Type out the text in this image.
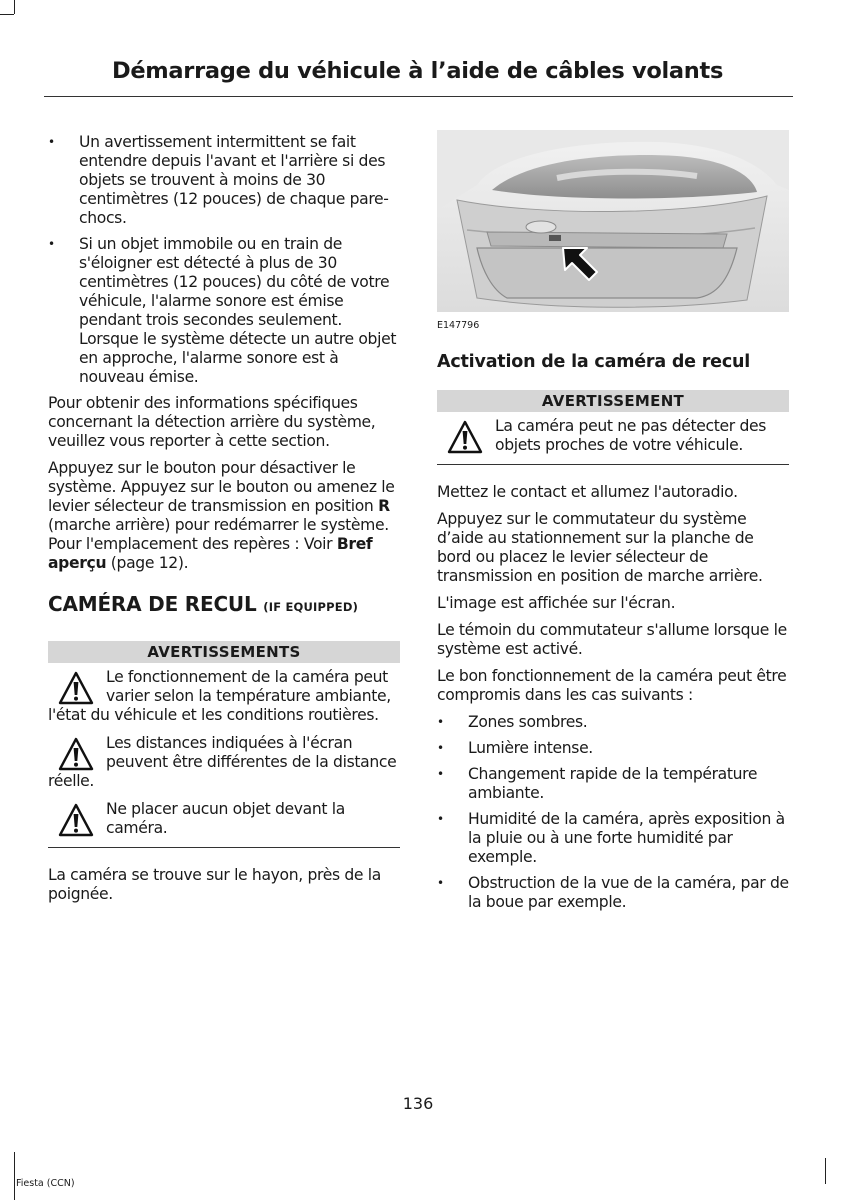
Démarrage du véhicule à l’aide de câbles volants
• Un avertissement intermittent se fait entendre depuis l'avant et l'arrière si des objets se trouvent à moins de 30 centimètres (12 pouces) de chaque pare-chocs.
• Si un objet immobile ou en train de s'éloigner est détecté à plus de 30 centimètres (12 pouces) du côté de votre véhicule, l'alarme sonore est émise pendant trois secondes seulement. Lorsque le système détecte un autre objet en approche, l'alarme sonore est à nouveau émise.

Pour obtenir des informations spécifiques concernant la détection arrière du système, veuillez vous reporter à cette section.

Appuyez sur le bouton pour désactiver le système. Appuyez sur le bouton ou amenez le levier sélecteur de transmission en position R (marche arrière) pour redémarrer le système. Pour l'emplacement des repères : Voir Bref aperçu (page 12).

CAMÉRA DE RECUL (IF EQUIPPED)
AVERTISSEMENTS
Le fonctionnement de la caméra peut varier selon la température ambiante, l'état du véhicule et les conditions routières.
Les distances indiquées à l'écran peuvent être différentes de la distance réelle.
Ne placer aucun objet devant la caméra.

La caméra se trouve sur le hayon, près de la poignée.

E147796
Activation de la caméra de recul
AVERTISSEMENT
La caméra peut ne pas détecter des objets proches de votre véhicule.

Mettez le contact et allumez l'autoradio.

Appuyez sur le commutateur du système d’aide au stationnement sur la planche de bord ou placez le levier sélecteur de transmission en position de marche arrière.

L'image est affichée sur l'écran.

Le témoin du commutateur s'allume lorsque le système est activé.

Le bon fonctionnement de la caméra peut être compromis dans les cas suivants :

• Zones sombres.
• Lumière intense.
• Changement rapide de la température ambiante.
• Humidité de la caméra, après exposition à la pluie ou à une forte humidité par exemple.
• Obstruction de la vue de la caméra, par de la boue par exemple.
136
Fiesta (CCN)
